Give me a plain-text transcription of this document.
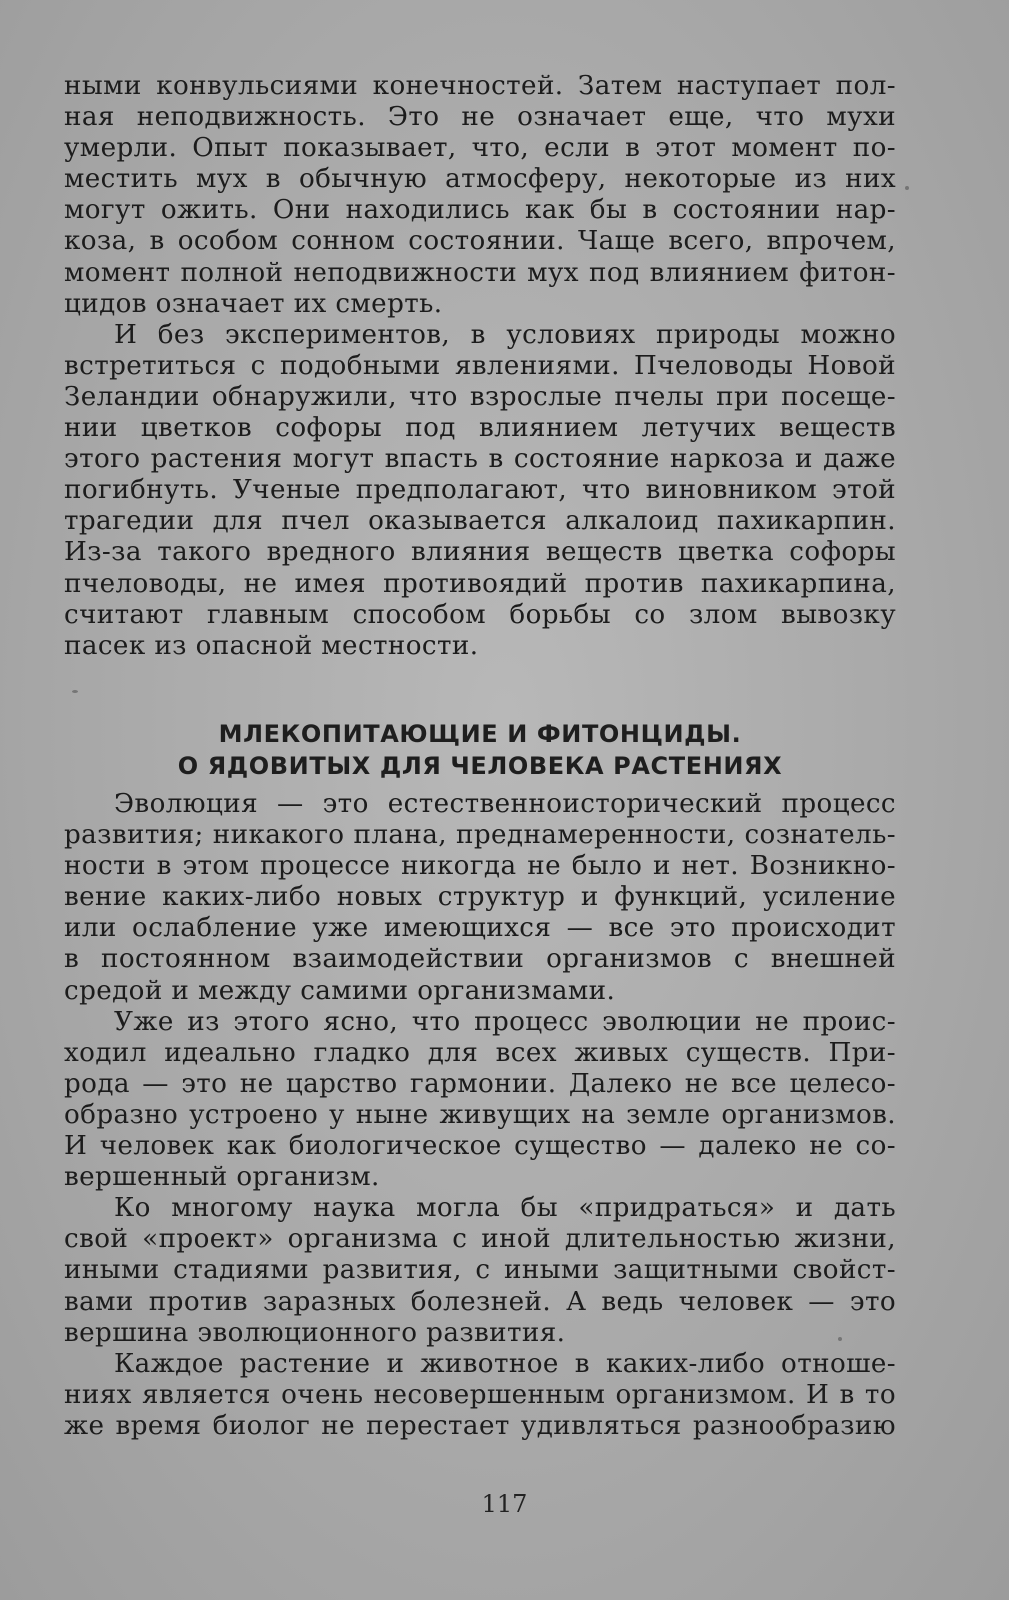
ными конвульсиями конечностей. Затем наступает пол-
ная неподвижность. Это не означает еще, что мухи
умерли. Опыт показывает, что, если в этот момент по-
местить мух в обычную атмосферу, некоторые из них
могут ожить. Они находились как бы в состоянии нар-
коза, в особом сонном состоянии. Чаще всего, впрочем,
момент полной неподвижности мух под влиянием фитон-
цидов означает их смерть.
И без экспериментов, в условиях природы можно
встретиться с подобными явлениями. Пчеловоды Новой
Зеландии обнаружили, что взрослые пчелы при посеще-
нии цветков софоры под влиянием летучих веществ
этого растения могут впасть в состояние наркоза и даже
погибнуть. Ученые предполагают, что виновником этой
трагедии для пчел оказывается алкалоид пахикарпин.
Из-за такого вредного влияния веществ цветка софоры
пчеловоды, не имея противоядий против пахикарпина,
считают главным способом борьбы со злом вывозку
пасек из опасной местности.
МЛЕКОПИТАЮЩИЕ И ФИТОНЦИДЫ.
О ЯДОВИТЫХ ДЛЯ ЧЕЛОВЕКА РАСТЕНИЯХ
Эволюция — это естественноисторический процесс
развития; никакого плана, преднамеренности, сознатель-
ности в этом процессе никогда не было и нет. Возникно-
вение каких-либо новых структур и функций, усиление
или ослабление уже имеющихся — все это происходит
в постоянном взаимодействии организмов с внешней
средой и между самими организмами.
Уже из этого ясно, что процесс эволюции не проис-
ходил идеально гладко для всех живых существ. При-
рода — это не царство гармонии. Далеко не все целесо-
образно устроено у ныне живущих на земле организмов.
И человек как биологическое существо — далеко не со-
вершенный организм.
Ко многому наука могла бы «придраться» и дать
свой «проект» организма с иной длительностью жизни,
иными стадиями развития, с иными защитными свойст-
вами против заразных болезней. А ведь человек — это
вершина эволюционного развития.
Каждое растение и животное в каких-либо отноше-
ниях является очень несовершенным организмом. И в то
же время биолог не перестает удивляться разнообразию
117
